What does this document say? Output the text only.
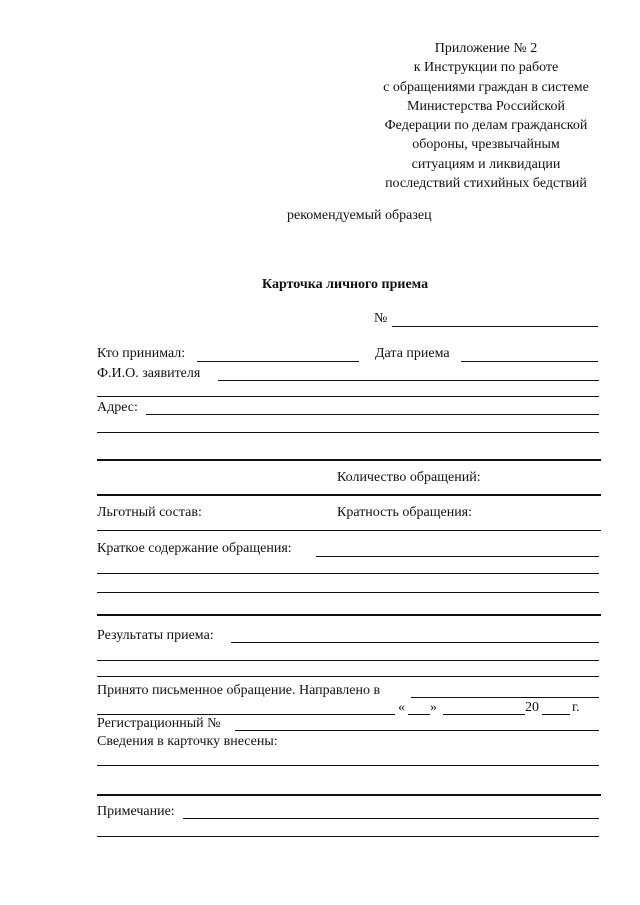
Приложение № 2
к Инструкции по работе
с обращениями граждан в системе
Министерства Российской
Федерации по делам гражданской
обороны, чрезвычайным
ситуациям и ликвидации
последствий стихийных бедствий
рекомендуемый образец
Карточка личного приема
№
Кто принимал:	Дата приема
Ф.И.О. заявителя
Адрес:
Количество обращений:
Льготный состав:	Кратность обращения:
Краткое содержание обращения:
Результаты приема:
Принято письменное обращение. Направлено в
« »	20 г.
Регистрационный №
Сведения в карточку внесены:
Примечание:
